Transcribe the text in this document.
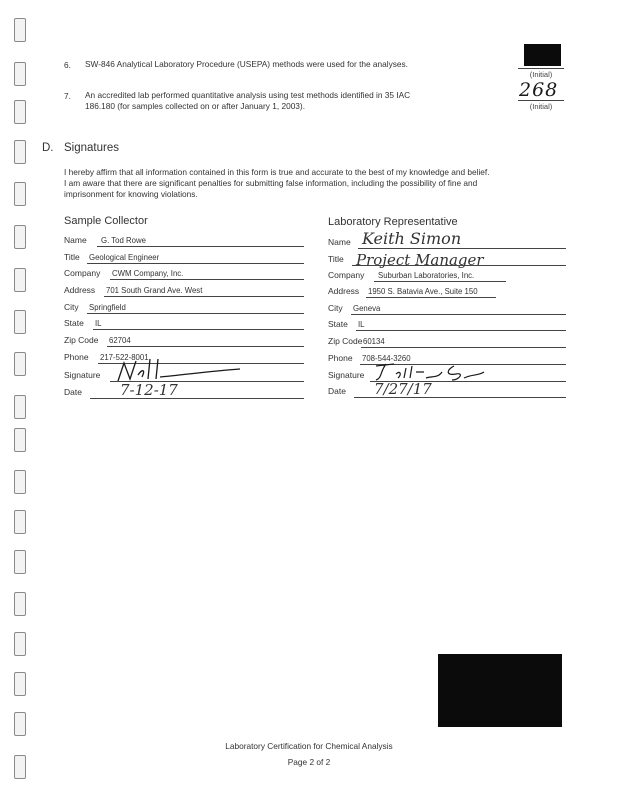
6. SW-846 Analytical Laboratory Procedure (USEPA) methods were used for the analyses.
7. An accredited lab performed quantitative analysis using test methods identified in 35 IAC
186.180 (for samples collected on or after January 1, 2003).
(Initial)
268
(Initial)
D. Signatures
I hereby affirm that all information contained in this form is true and accurate to the best of my knowledge and belief.
I am aware that there are significant penalties for submitting false information, including the possibility of fine and
imprisonment for knowing violations.
Sample Collector
Name G. Tod Rowe
Title Geological Engineer
Company CWM Company, Inc.
Address 701 South Grand Ave. West
City Springfield
State IL
Zip Code 62704
Phone 217-522-8001
Signature
Date	7-12-17
Laboratory Representative
Name Keith Simon
Title Project Manager
Company Suburban Laboratories, Inc.
Address 1950 S. Batavia Ave., Suite 150
City Geneva
State IL
Zip Code 60134
Phone 708-544-3260
Signature
Date 7/27/17
Laboratory Certification for Chemical Analysis
Page 2 of 2
